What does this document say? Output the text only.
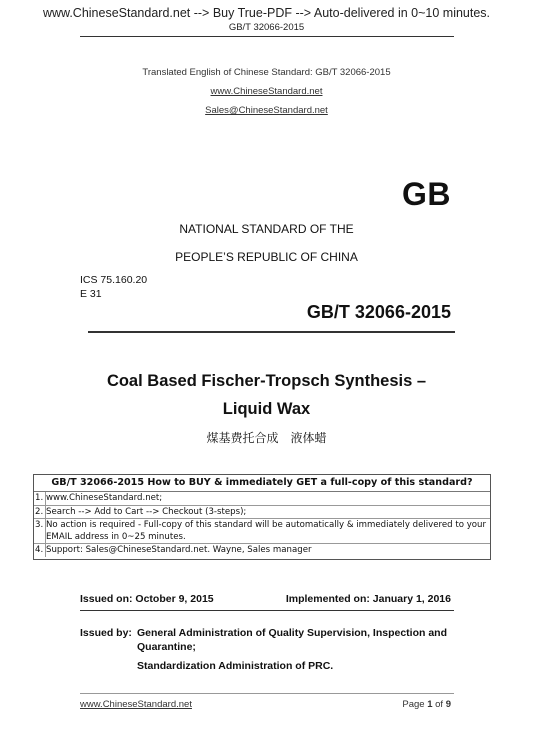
www.ChineseStandard.net --> Buy True-PDF --> Auto-delivered in 0~10 minutes.
GB/T 32066-2015
Translated English of Chinese Standard: GB/T 32066-2015
www.ChineseStandard.net
Sales@ChineseStandard.net
GB
NATIONAL STANDARD OF THE
PEOPLE’S REPUBLIC OF CHINA
ICS 75.160.20
E 31
GB/T 32066-2015
Coal Based Fischer-Tropsch Synthesis –
Liquid Wax
煤基费托合成　液体蜡
GB/T 32066-2015 How to BUY & immediately GET a full-copy of this standard?
1. www.ChineseStandard.net;
2. Search --> Add to Cart --> Checkout (3-steps);
3. No action is required - Full-copy of this standard will be automatically & immediately delivered to your EMAIL address in 0~25 minutes.
4. Support: Sales@ChineseStandard.net. Wayne, Sales manager
Issued on: October 9, 2015	Implemented on: January 1, 2016
Issued by: General Administration of Quality Supervision, Inspection and
Quarantine;
Standardization Administration of PRC.
www.ChineseStandard.net	Page 1 of 9
